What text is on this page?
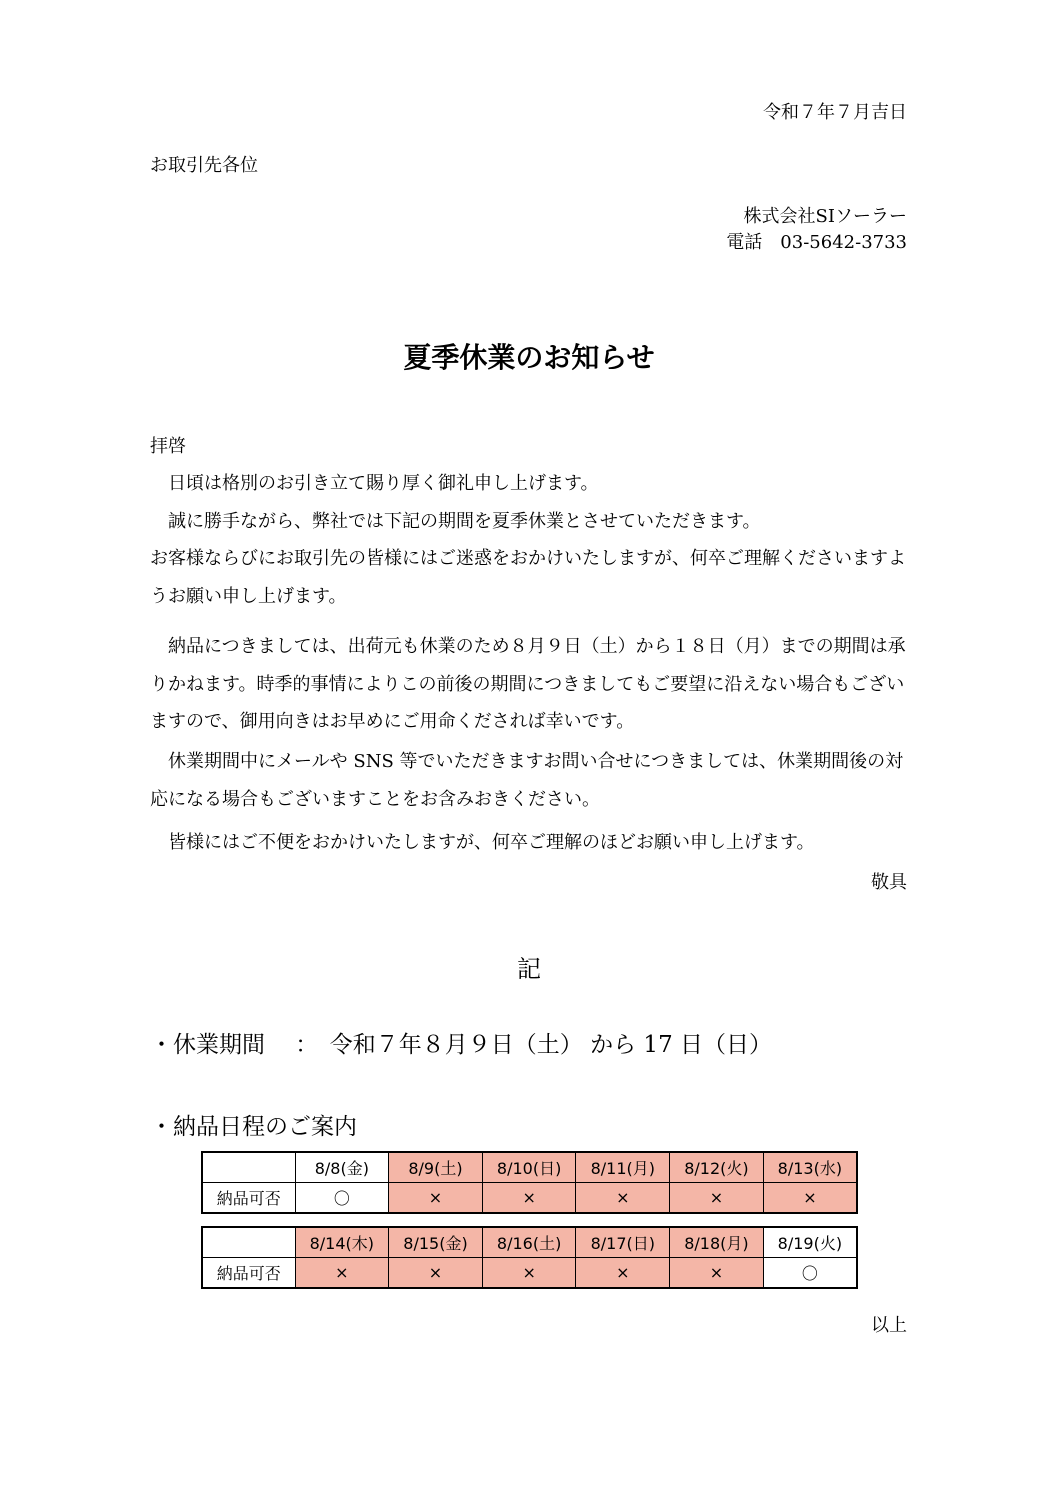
令和７年７月吉日
お取引先各位
株式会社SIソーラー
電話　03-5642-3733
夏季休業のお知らせ
拝啓

　日頃は格別のお引き立て賜り厚く御礼申し上げます。

　誠に勝手ながら、弊社では下記の期間を夏季休業とさせていただきます。

お客様ならびにお取引先の皆様にはご迷惑をおかけいたしますが、何卒ご理解くださいますようお願い申し上げます。

　納品につきましては、出荷元も休業のため８月９日（土）から１８日（月）までの期間は承りかねます。時季的事情によりこの前後の期間につきましてもご要望に沿えない場合もございますので、御用向きはお早めにご用命くだされば幸いです。

　休業期間中にメールや SNS 等でいただきますお問い合せにつきましては、休業期間後の対応になる場合もございますことをお含みおきください。

　皆様にはご不便をおかけいたしますが、何卒ご理解のほどお願い申し上げます。

敬具
記
・休業期間　 ：　令和７年８月９日（土） から 17 日（日）
・納品日程のご案内
	8/8(金)	8/9(土)	8/10(日)	8/11(月)	8/12(火)	8/13(水)
納品可否	〇	×	×	×	×	×
	8/14(木)	8/15(金)	8/16(土)	8/17(日)	8/18(月)	8/19(火)
納品可否	×	×	×	×	×	〇
以上
